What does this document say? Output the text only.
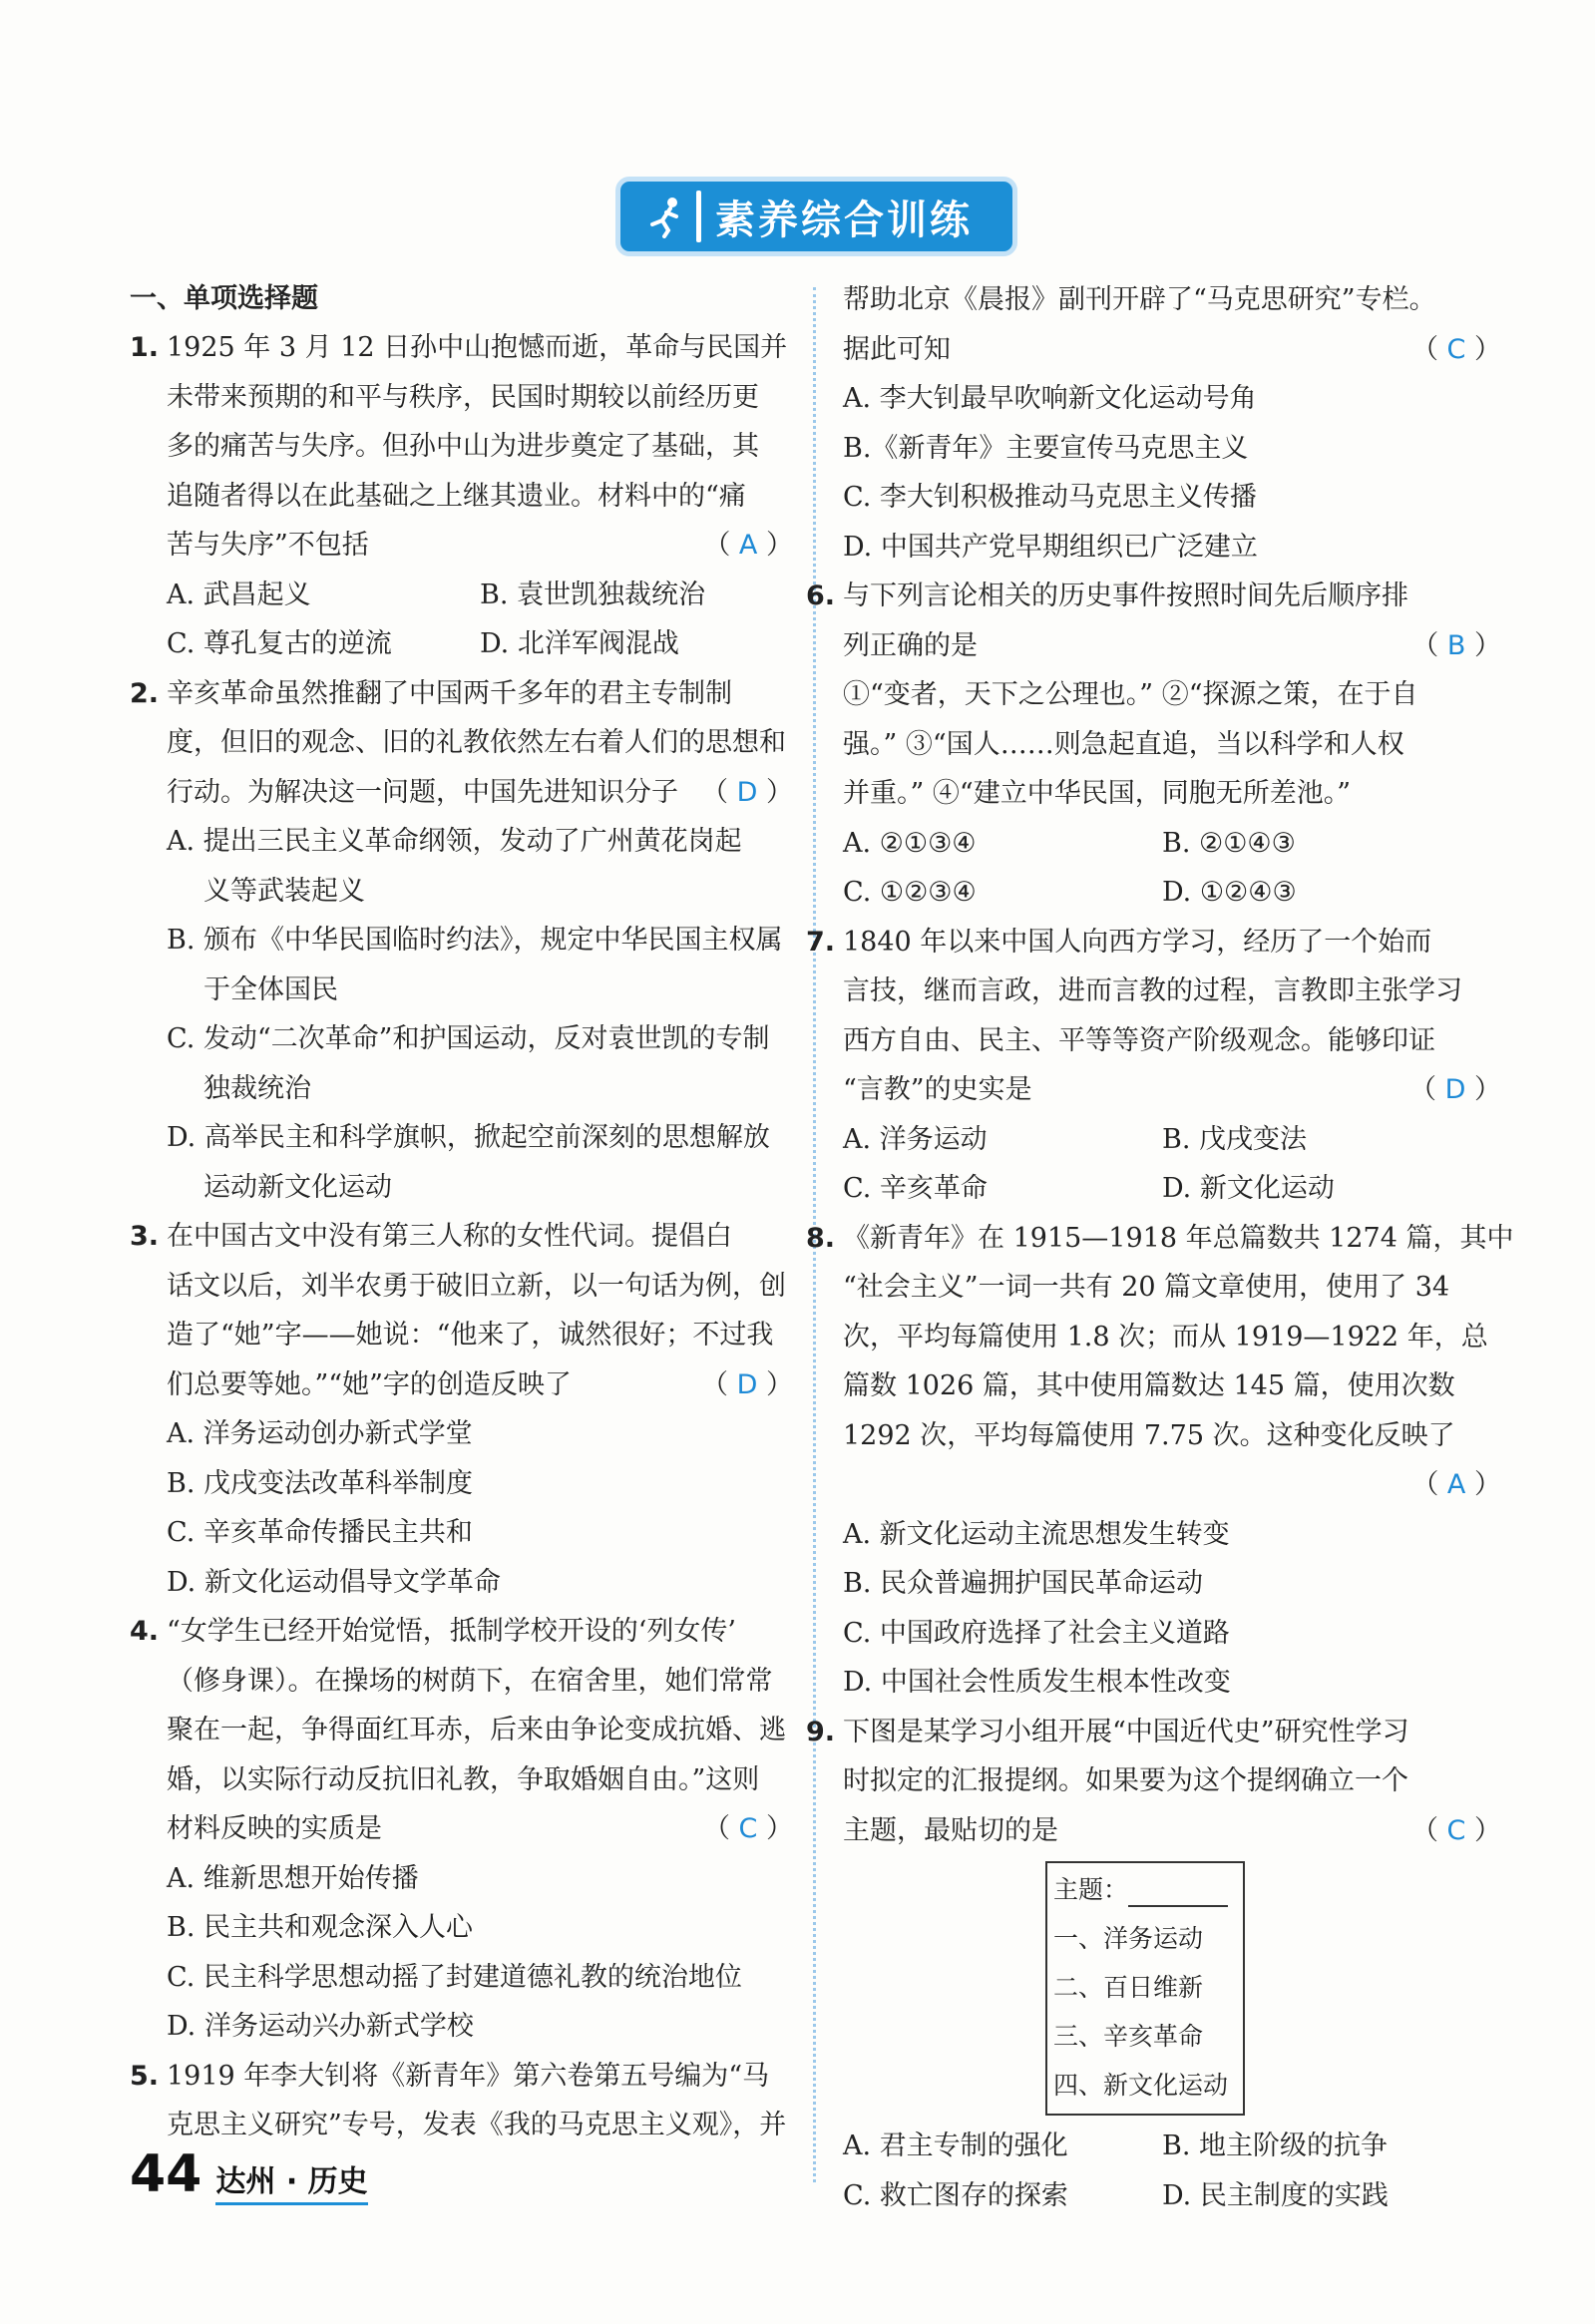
素养综合训练
一、单项选择题
1. 1925 年 3 月 12 日孙中山抱憾而逝，革命与民国并
未带来预期的和平与秩序，民国时期较以前经历更
多的痛苦与失序。但孙中山为进步奠定了基础，其
追随者得以在此基础之上继其遗业。材料中的“痛
苦与失序”不包括	（ A ）
A. 武昌起义	B. 袁世凯独裁统治
C. 尊孔复古的逆流	D. 北洋军阀混战
2. 辛亥革命虽然推翻了中国两千多年的君主专制制
度，但旧的观念、旧的礼教依然左右着人们的思想和
行动。为解决这一问题，中国先进知识分子 （ D ）
A. 提出三民主义革命纲领，发动了广州黄花岗起
义等武装起义
B. 颁布《中华民国临时约法》，规定中华民国主权属
于全体国民
C. 发动“二次革命”和护国运动，反对袁世凯的专制
独裁统治
D. 高举民主和科学旗帜，掀起空前深刻的思想解放
运动新文化运动
3. 在中国古文中没有第三人称的女性代词。提倡白
话文以后，刘半农勇于破旧立新，以一句话为例，创
造了“她”字——她说：“他来了，诚然很好；不过我
们总要等她。”“她”字的创造反映了	（ D ）
A. 洋务运动创办新式学堂
B. 戊戌变法改革科举制度
C. 辛亥革命传播民主共和
D. 新文化运动倡导文学革命
4. “女学生已经开始觉悟，抵制学校开设的‘列女传’
（修身课）。在操场的树荫下，在宿舍里，她们常常
聚在一起，争得面红耳赤，后来由争论变成抗婚、逃
婚，以实际行动反抗旧礼教，争取婚姻自由。”这则
材料反映的实质是	（ C ）
A. 维新思想开始传播
B. 民主共和观念深入人心
C. 民主科学思想动摇了封建道德礼教的统治地位
D. 洋务运动兴办新式学校
5. 1919 年李大钊将《新青年》第六卷第五号编为“马
克思主义研究”专号，发表《我的马克思主义观》，并
帮助北京《晨报》副刊开辟了“马克思研究”专栏。
据此可知	（ C ）
A. 李大钊最早吹响新文化运动号角
B.《新青年》主要宣传马克思主义
C. 李大钊积极推动马克思主义传播
D. 中国共产党早期组织已广泛建立
6. 与下列言论相关的历史事件按照时间先后顺序排
列正确的是	（ B ）
①“变者，天下之公理也。” ②“探源之策，在于自
强。” ③“国人……则急起直追，当以科学和人权
并重。” ④“建立中华民国，同胞无所差池。”
A. ②①③④	B. ②①④③
C. ①②③④	D. ①②④③
7. 1840 年以来中国人向西方学习，经历了一个始而
言技，继而言政，进而言教的过程，言教即主张学习
西方自由、民主、平等等资产阶级观念。能够印证
“言教”的史实是	（ D ）
A. 洋务运动	B. 戊戌变法
C. 辛亥革命	D. 新文化运动
8. 《新青年》在 1915—1918 年总篇数共 1274 篇，其中
“社会主义”一词一共有 20 篇文章使用，使用了 34
次，平均每篇使用 1.8 次；而从 1919—1922 年，总
篇数 1026 篇，其中使用篇数达 145 篇，使用次数
1292 次，平均每篇使用 7.75 次。这种变化反映了
（ A ）
A. 新文化运动主流思想发生转变
B. 民众普遍拥护国民革命运动
C. 中国政府选择了社会主义道路
D. 中国社会性质发生根本性改变
9. 下图是某学习小组开展“中国近代史”研究性学习
时拟定的汇报提纲。如果要为这个提纲确立一个
主题，最贴切的是	（ C ）
主题：
一、洋务运动
二、百日维新
三、辛亥革命
四、新文化运动
A. 君主专制的强化	B. 地主阶级的抗争
C. 救亡图存的探索	D. 民主制度的实践
44 达州 · 历史
